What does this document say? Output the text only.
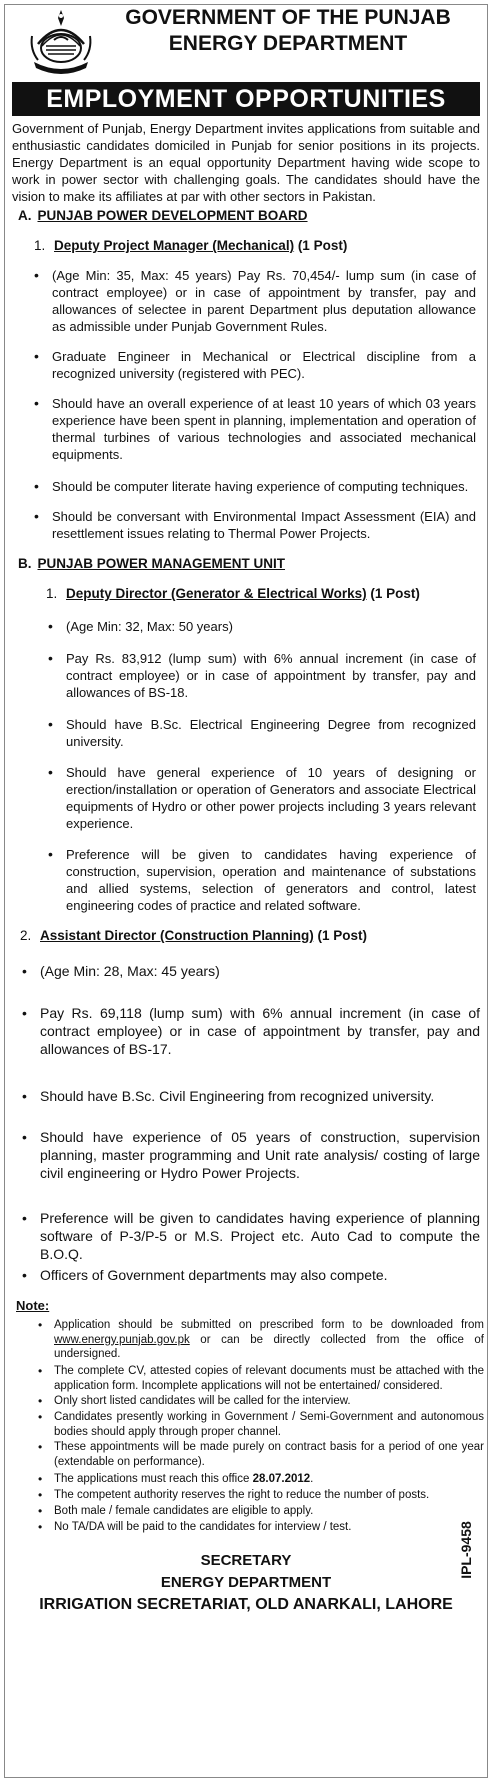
GOVERNMENT OF THE PUNJAB
ENERGY DEPARTMENT
EMPLOYMENT OPPORTUNITIES
Government of Punjab, Energy Department invites applications from suitable and enthusiastic candidates domiciled in Punjab for senior positions in its projects. Energy Department is an equal opportunity Department having wide scope to work in power sector with challenging goals. The candidates should have the vision to make its affiliates at par with other sectors in Pakistan.
A. PUNJAB POWER DEVELOPMENT BOARD
1. Deputy Project Manager (Mechanical) (1 Post)
• (Age Min: 35, Max: 45 years) Pay Rs. 70,454/- lump sum (in case of contract employee) or in case of appointment by transfer, pay and allowances of selectee in parent Department plus deputation allowance as admissible under Punjab Government Rules.
• Graduate Engineer in Mechanical or Electrical discipline from a recognized university (registered with PEC).
• Should have an overall experience of at least 10 years of which 03 years experience have been spent in planning, implementation and operation of thermal turbines of various technologies and associated mechanical equipments.
• Should be computer literate having experience of computing techniques.
• Should be conversant with Environmental Impact Assessment (EIA) and resettlement issues relating to Thermal Power Projects.
B. PUNJAB POWER MANAGEMENT UNIT
1. Deputy Director (Generator & Electrical Works) (1 Post)
• (Age Min: 32, Max: 50 years)
• Pay Rs. 83,912 (lump sum) with 6% annual increment (in case of contract employee) or in case of appointment by transfer, pay and allowances of BS-18.
• Should have B.Sc. Electrical Engineering Degree from recognized university.
• Should have general experience of 10 years of designing or erection/installation or operation of Generators and associate Electrical equipments of Hydro or other power projects including 3 years relevant experience.
• Preference will be given to candidates having experience of construction, supervision, operation and maintenance of substations and allied systems, selection of generators and control, latest engineering codes of practice and related software.
2. Assistant Director (Construction Planning) (1 Post)
• (Age Min: 28, Max: 45 years)
• Pay Rs. 69,118 (lump sum) with 6% annual increment (in case of contract employee) or in case of appointment by transfer, pay and allowances of BS-17.
• Should have B.Sc. Civil Engineering from recognized university.
• Should have experience of 05 years of construction, supervision planning, master programming and Unit rate analysis/ costing of large civil engineering or Hydro Power Projects.
• Preference will be given to candidates having experience of planning software of P-3/P-5 or M.S. Project etc. Auto Cad to compute the B.O.Q.
• Officers of Government departments may also compete.
Note:
• Application should be submitted on prescribed form to be downloaded from www.energy.punjab.gov.pk or can be directly collected from the office of undersigned.
• The complete CV, attested copies of relevant documents must be attached with the application form. Incomplete applications will not be entertained/ considered.
• Only short listed candidates will be called for the interview.
• Candidates presently working in Government / Semi-Government and autonomous bodies should apply through proper channel.
• These appointments will be made purely on contract basis for a period of one year (extendable on performance).
• The applications must reach this office 28.07.2012.
• The competent authority reserves the right to reduce the number of posts.
• Both male / female candidates are eligible to apply.
• No TA/DA will be paid to the candidates for interview / test.
SECRETARY
ENERGY DEPARTMENT
IRRIGATION SECRETARIAT, OLD ANARKALI, LAHORE
IPL-9458
